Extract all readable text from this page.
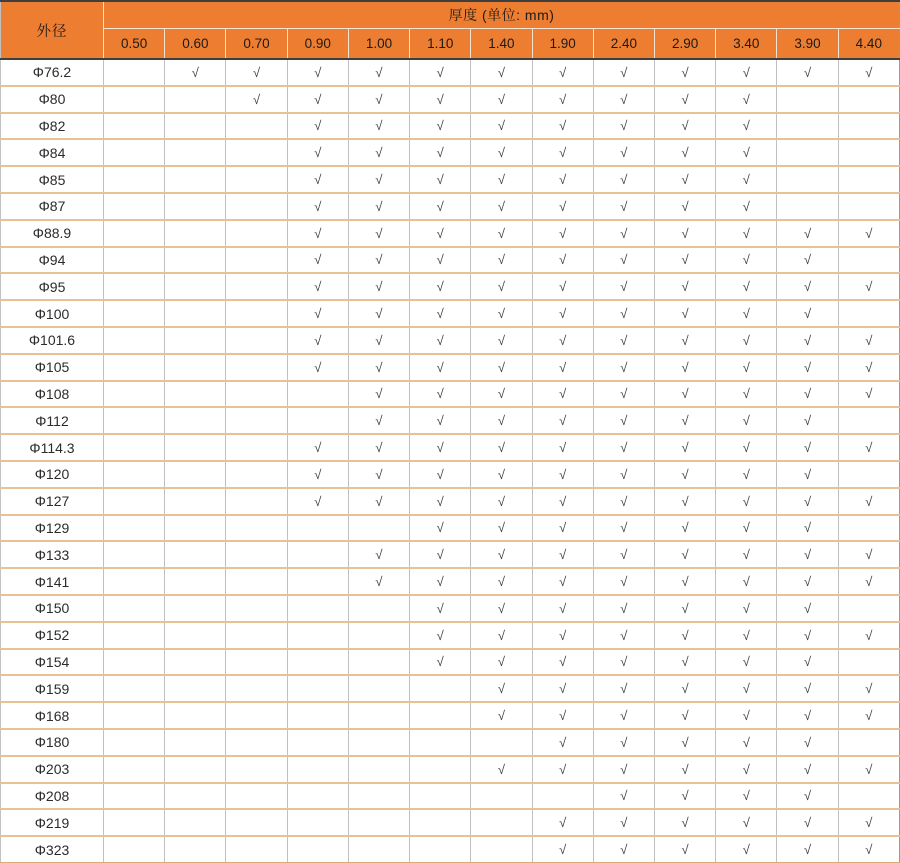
外径	厚度 (单位: mm)												
	0.50	0.60	0.70	0.90	1.00	1.10	1.40	1.90	2.40	2.90	3.40	3.90	4.40
Φ76.2		√	√	√	√	√	√	√	√	√	√	√	√
Φ80			√	√	√	√	√	√	√	√	√		
Φ82				√	√	√	√	√	√	√	√		
Φ84				√	√	√	√	√	√	√	√		
Φ85				√	√	√	√	√	√	√	√		
Φ87				√	√	√	√	√	√	√	√		
Φ88.9				√	√	√	√	√	√	√	√	√	√
Φ94				√	√	√	√	√	√	√	√	√	
Φ95				√	√	√	√	√	√	√	√	√	√
Φ100				√	√	√	√	√	√	√	√	√	
Φ101.6				√	√	√	√	√	√	√	√	√	√
Φ105				√	√	√	√	√	√	√	√	√	√
Φ108					√	√	√	√	√	√	√	√	√
Φ112					√	√	√	√	√	√	√	√	
Φ114.3				√	√	√	√	√	√	√	√	√	√
Φ120				√	√	√	√	√	√	√	√	√	
Φ127				√	√	√	√	√	√	√	√	√	√
Φ129						√	√	√	√	√	√	√	
Φ133					√	√	√	√	√	√	√	√	√
Φ141					√	√	√	√	√	√	√	√	√
Φ150						√	√	√	√	√	√	√	
Φ152						√	√	√	√	√	√	√	√
Φ154						√	√	√	√	√	√	√	
Φ159							√	√	√	√	√	√	√
Φ168							√	√	√	√	√	√	√
Φ180								√	√	√	√	√	
Φ203							√	√	√	√	√	√	√
Φ208									√	√	√	√	
Φ219								√	√	√	√	√	√
Φ323								√	√	√	√	√	√
